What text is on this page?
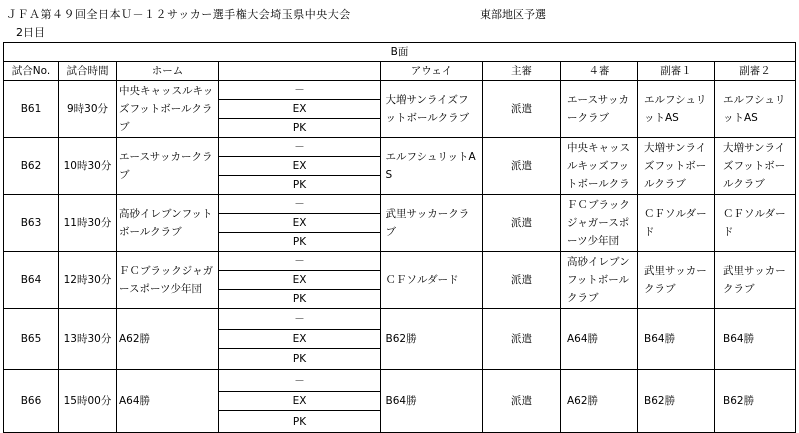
ＪＦＡ第４９回全日本Ｕ－１２サッカー選手権大会埼玉県中央大会
2日目
東部地区予選
B面								
試合No.	試合時間	ホーム		アウェイ	主審	４審	副審１	副審２
B61	9時30分	中央キャッスルキッズフットボールクラブ	－	大増サンライズフットボールクラブ	派遣	エースサッカークラブ	エルフシュリットAS	エルフシュリットAS

			EX					
			PK					
B62	10時30分	エースサッカークラブ	－	エルフシュリットAS	派遣	中央キャッスルキッズフットボールクラ	大増サンライズフットボールクラブ	大増サンライズフットボールクラブ

			EX					
			PK					
B63	11時30分	高砂イレブンフットボールクラブ	－	武里サッカークラブ	派遣	ＦＣブラックジャガースポーツ少年団	ＣＦソルダード	ＣＦソルダード

			EX					
			PK					
B64	12時30分	ＦＣブラックジャガースポーツ少年団	－	ＣＦソルダード	派遣	高砂イレブンフットボールクラブ	武里サッカークラブ	武里サッカークラブ

			EX					
			PK					
B65	13時30分	A62勝	－	B62勝	派遣	A64勝	B64勝	B64勝

			EX					
			PK					
B66	15時00分	A64勝	－	B64勝	派遣	A62勝	B62勝	B62勝

			EX					
			PK					
